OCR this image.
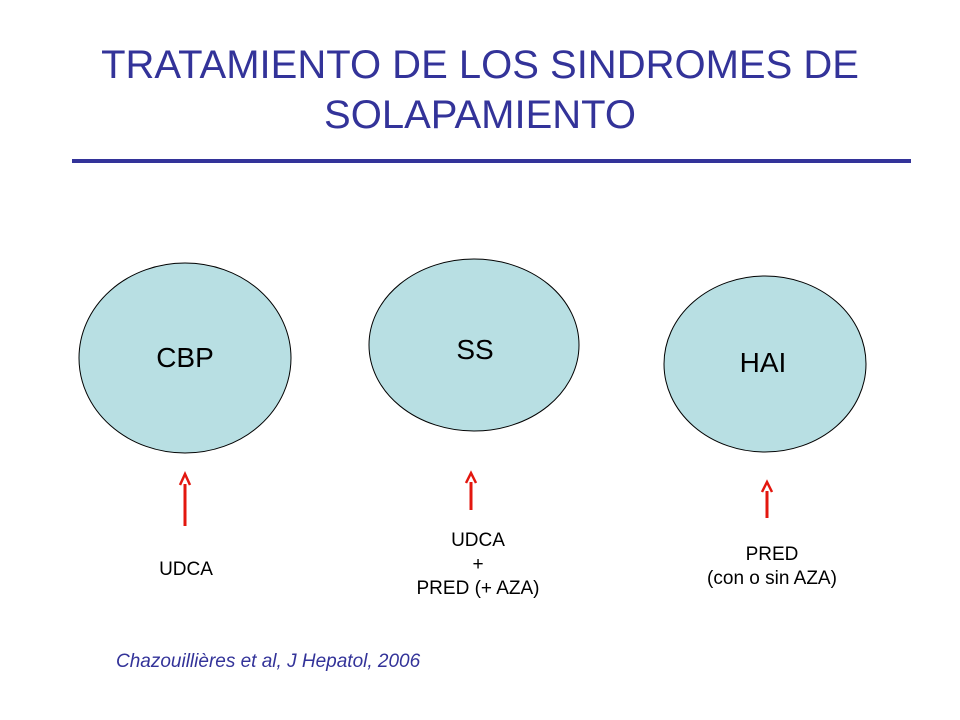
TRATAMIENTO DE LOS SINDROMES DE
SOLAPAMIENTO
CBP	SS	HAI
UDCA
UDCA
+
PRED (+ AZA)
PRED
(con o sin AZA)
Chazouillières et al, J Hepatol, 2006
